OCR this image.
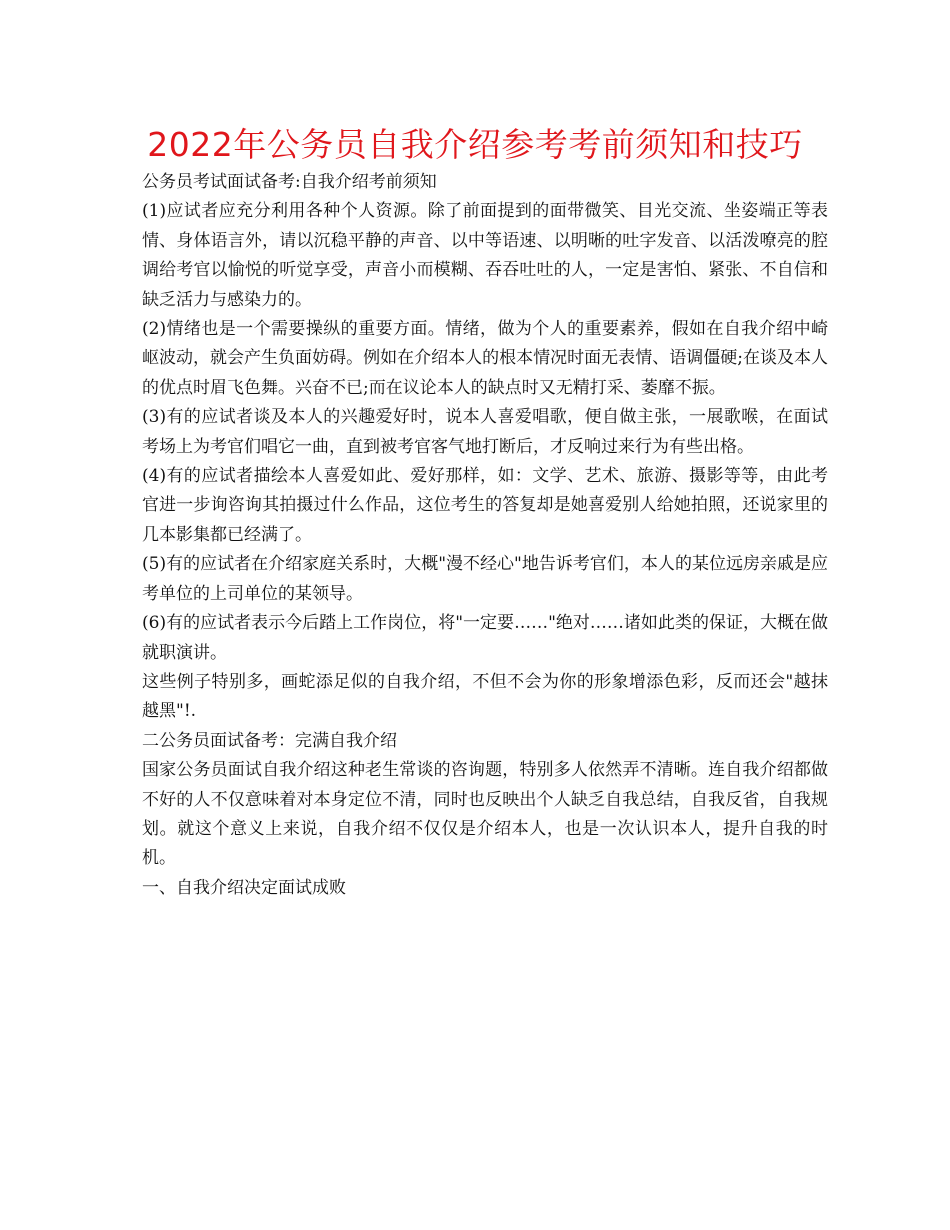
2022年公务员自我介绍参考考前须知和技巧

公务员考试面试备考:自我介绍考前须知

(1)应试者应充分利用各种个人资源。除了前面提到的面带微笑、目光交流、坐姿端正等表情、身体语言外，请以沉稳平静的声音、以中等语速、以明晰的吐字发音、以活泼嘹亮的腔调给考官以愉悦的听觉享受，声音小而模糊、吞吞吐吐的人，一定是害怕、紧张、不自信和缺乏活力与感染力的。

(2)情绪也是一个需要操纵的重要方面。情绪，做为个人的重要素养，假如在自我介绍中崎岖波动，就会产生负面妨碍。例如在介绍本人的根本情况时面无表情、语调僵硬;在谈及本人的优点时眉飞色舞。兴奋不已;而在议论本人的缺点时又无精打采、萎靡不振。

(3)有的应试者谈及本人的兴趣爱好时，说本人喜爱唱歌，便自做主张，一展歌喉，在面试考场上为考官们唱它一曲，直到被考官客气地打断后，才反响过来行为有些出格。

(4)有的应试者描绘本人喜爱如此、爱好那样，如：文学、艺术、旅游、摄影等等，由此考官进一步询咨询其拍摄过什么作品，这位考生的答复却是她喜爱别人给她拍照，还说家里的几本影集都已经满了。

(5)有的应试者在介绍家庭关系时，大概"漫不经心"地告诉考官们，本人的某位远房亲戚是应考单位的上司单位的某领导。

(6)有的应试者表示今后踏上工作岗位，将"一定要……"绝对……诸如此类的保证，大概在做就职演讲。

这些例子特别多，画蛇添足似的自我介绍，不但不会为你的形象增添色彩，反而还会"越抹越黑"!.

二公务员面试备考：完满自我介绍

国家公务员面试自我介绍这种老生常谈的咨询题，特别多人依然弄不清晰。连自我介绍都做不好的人不仅意味着对本身定位不清，同时也反映出个人缺乏自我总结，自我反省，自我规划。就这个意义上来说，自我介绍不仅仅是介绍本人，也是一次认识本人，提升自我的时机。

一、自我介绍决定面试成败
